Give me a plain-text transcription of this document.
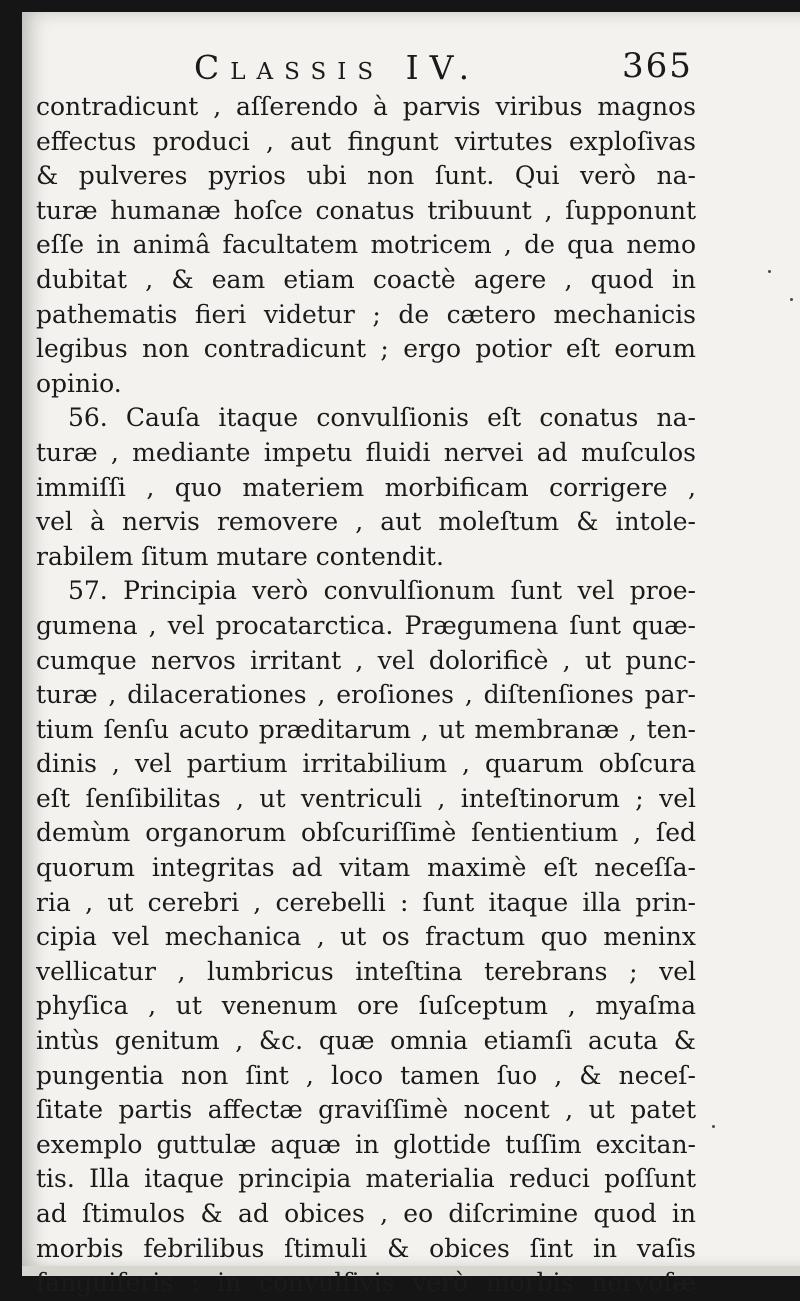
Classis IV.	365
contradicunt , aſſerendo à parvis viribus magnos
effectus produci , aut fingunt virtutes exploſivas
& pulveres pyrios ubi non ſunt. Qui verò na-
turæ humanæ hoſce conatus tribuunt , ſupponunt
eſſe in animâ facultatem motricem , de qua nemo
dubitat , & eam etiam coactè agere , quod in
pathematis fieri videtur ; de cætero mechanicis
legibus non contradicunt ; ergo potior eſt eorum
opinio.
56. Cauſa itaque convulſionis eſt conatus na-
turæ , mediante impetu fluidi nervei ad muſculos
immiſſi , quo materiem morbificam corrigere ,
vel à nervis removere , aut moleſtum & intole-
rabilem ſitum mutare contendit.
57. Principia verò convulſionum ſunt vel proe-
gumena , vel procatarctica. Prægumena ſunt quæ-
cumque nervos irritant , vel dolorificè , ut punc-
turæ , dilacerationes , eroſiones , diſtenſiones par-
tium ſenſu acuto præditarum , ut membranæ , ten-
dinis , vel partium irritabilium , quarum obſcura
eſt ſenſibilitas , ut ventriculi , inteſtinorum ; vel
demùm organorum obſcuriſſimè ſentientium , ſed
quorum integritas ad vitam maximè eſt neceſſa-
ria , ut cerebri , cerebelli : ſunt itaque illa prin-
cipia vel mechanica , ut os fractum quo meninx
vellicatur , lumbricus inteſtina terebrans ; vel
phyſica , ut venenum ore ſuſceptum , myaſma
intùs genitum , &c. quæ omnia etiamſi acuta &
pungentia non ſint , loco tamen ſuo , & neceſ-
ſitate partis affectæ graviſſimè nocent , ut patet
exemplo guttulæ aquæ in glottide tuſſim excitan-
tis. Illa itaque principia materialia reduci poſſunt
ad ſtimulos & ad obices , eo diſcrimine quod in
morbis febrilibus ſtimuli & obices ſint in vaſis
ſanguiferis : in convulſivis verò morbis nervoſæ
